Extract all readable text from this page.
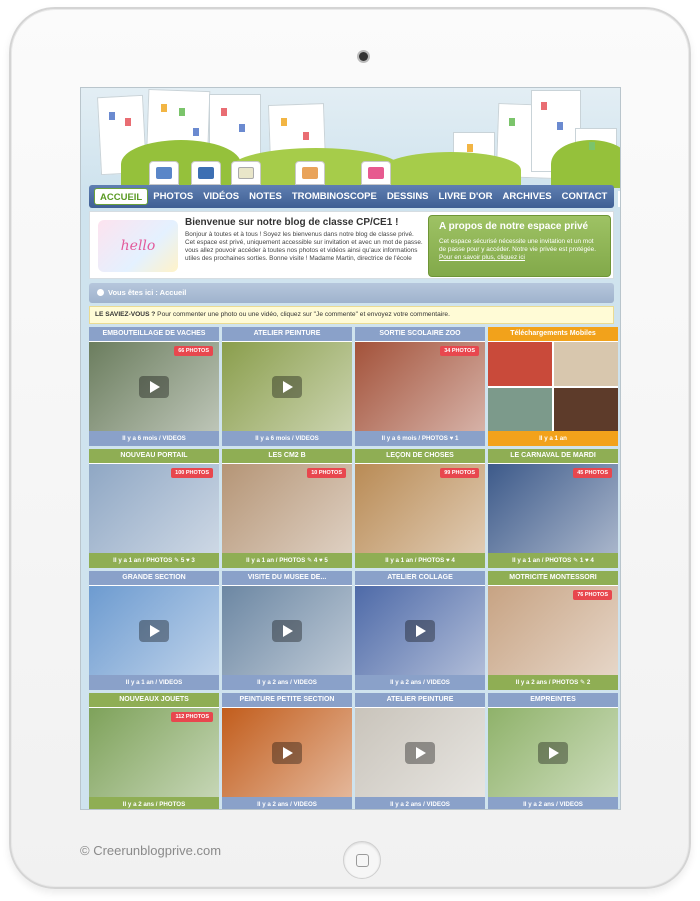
© Creerunblogprive.com
ACCUEIL	PHOTOS	VIDÉOS	NOTES	TROMBINOSCOPE	DESSINS	LIVRE D'OR	ARCHIVES	CONTACT
hello
Bienvenue sur notre blog de classe CP/CE1 !
Bonjour à toutes et à tous ! Soyez les bienvenus dans notre blog de classe privé. Cet espace est privé, uniquement accessible sur invitation et avec un mot de passe. vous allez pouvoir accéder à toutes nos photos et vidéos ainsi qu'aux informations utiles des prochaines sorties. Bonne visite ! Madame Martin, directrice de l'école
A propos de notre espace privé
Cet espace sécurisé nécessite une invitation et un mot de passe pour y accéder. Notre vie privée est protégée. Pour en savoir plus, cliquez ici
Vous êtes ici : Accueil
LE SAVIEZ-VOUS ? Pour commenter une photo ou une vidéo, cliquez sur "Je commente" et envoyez votre commentaire.
EMBOUTEILLAGE DE VACHES
66 PHOTOS
Il y a 6 mois / VIDEOS
ATELIER PEINTURE
Il y a 6 mois / VIDEOS
SORTIE SCOLAIRE ZOO
34 PHOTOS
Il y a 6 mois / PHOTOS ♥ 1
Téléchargements Mobiles
Il y a 1 an
NOUVEAU PORTAIL
100 PHOTOS
Il y a 1 an / PHOTOS ✎ 5 ♥ 3
LES CM2 B
10 PHOTOS
Il y a 1 an / PHOTOS ✎ 4 ♥ 5
LEÇON DE CHOSES
99 PHOTOS
Il y a 1 an / PHOTOS ♥ 4
LE CARNAVAL DE MARDI
45 PHOTOS
Il y a 1 an / PHOTOS ✎ 1 ♥ 4
GRANDE SECTION
Il y a 1 an / VIDEOS
VISITE DU MUSEE DE...
Il y a 2 ans / VIDEOS
ATELIER COLLAGE
Il y a 2 ans / VIDEOS
MOTRICITE MONTESSORI
76 PHOTOS
Il y a 2 ans / PHOTOS ✎ 2
NOUVEAUX JOUETS
112 PHOTOS
Il y a 2 ans / PHOTOS
PEINTURE PETITE SECTION
Il y a 2 ans / VIDEOS
ATELIER PEINTURE
Il y a 2 ans / VIDEOS
EMPREINTES
Il y a 2 ans / VIDEOS
